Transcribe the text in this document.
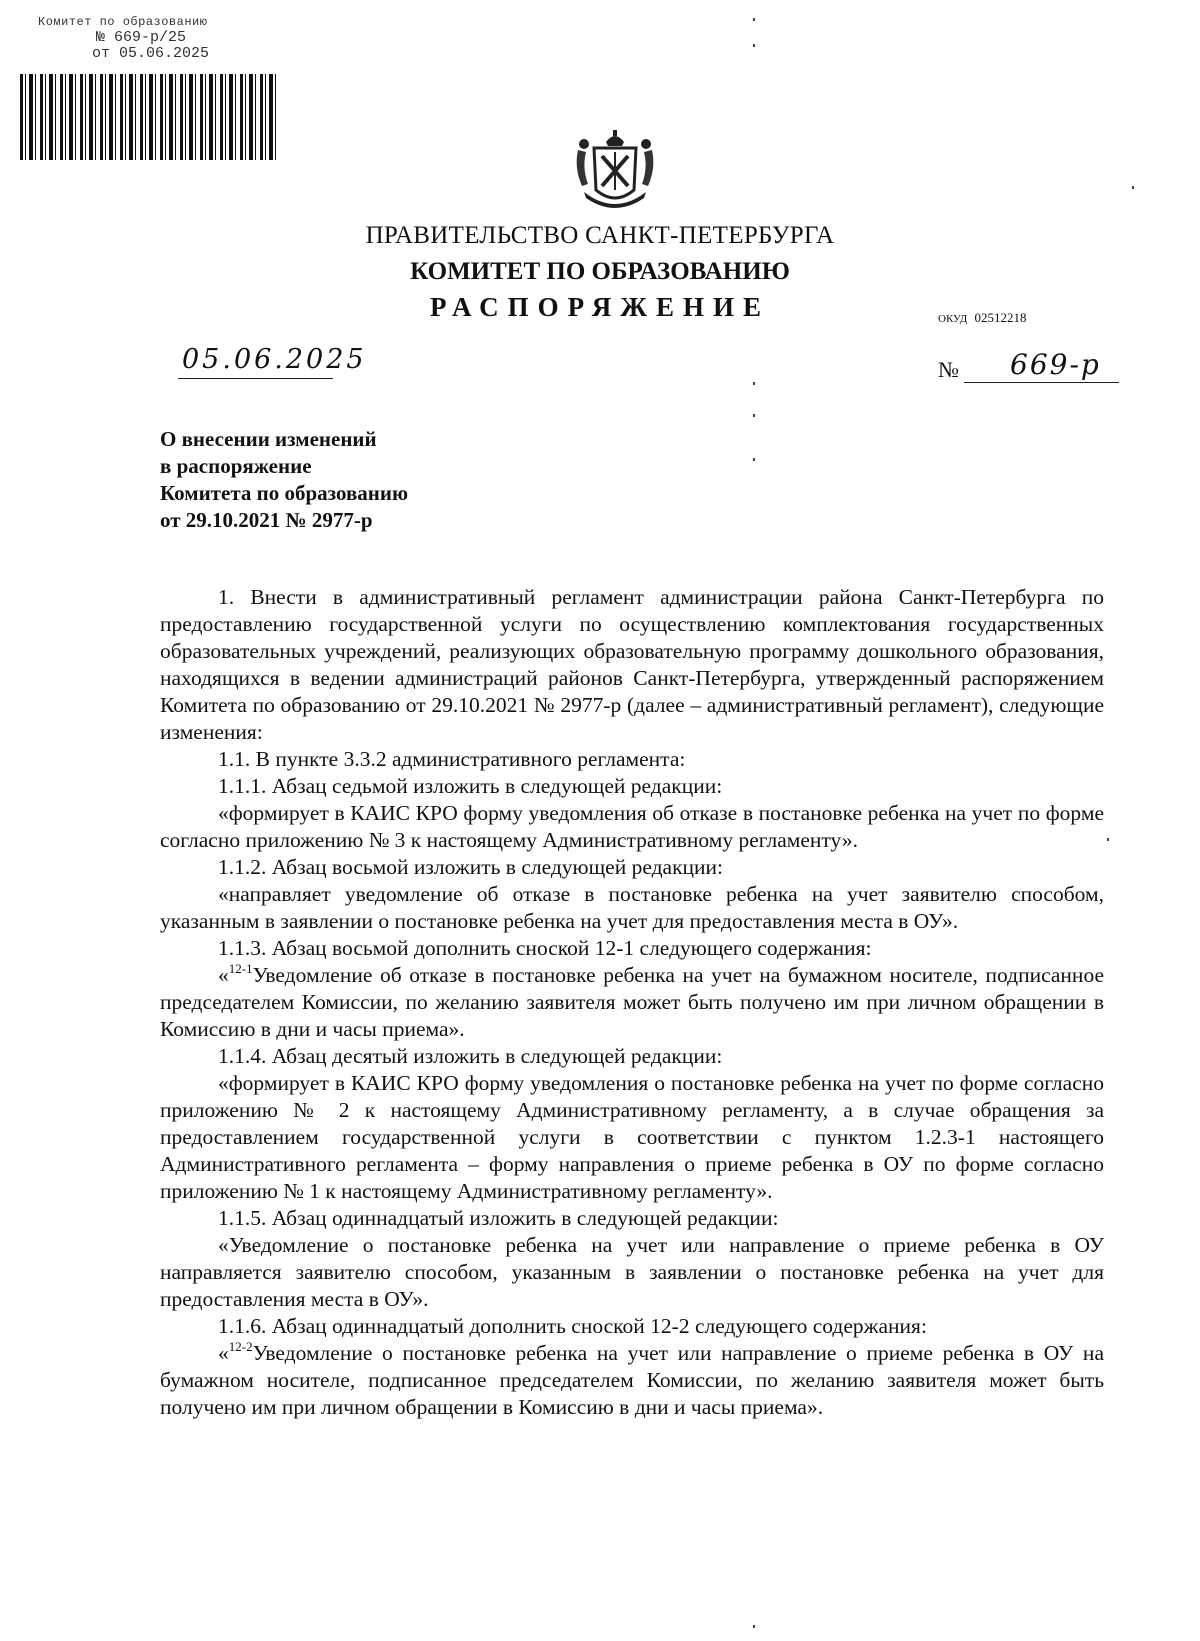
Комитет по образованию
№ 669-р/25
от 05.06.2025
ПРАВИТЕЛЬСТВО САНКТ-ПЕТЕРБУРГА
КОМИТЕТ ПО ОБРАЗОВАНИЮ
РАСПОРЯЖЕНИЕ	ОКУД 02512218
05.06.2025	№ 669-р
О внесении изменений
в распоряжение
Комитета по образованию
от 29.10.2021 № 2977-р

1. Внести в административный регламент администрации района Санкт-Петербурга по предоставлению государственной услуги по осуществлению комплектования государственных образовательных учреждений, реализующих образовательную программу дошкольного образования, находящихся в ведении администраций районов Санкт-Петербурга, утвержденный распоряжением Комитета по образованию от 29.10.2021 № 2977-р (далее – административный регламент), следующие изменения:

1.1. В пункте 3.3.2 административного регламента:

1.1.1. Абзац седьмой изложить в следующей редакции:

«формирует в КАИС КРО форму уведомления об отказе в постановке ребенка на учет по форме согласно приложению № 3 к настоящему Административному регламенту».

1.1.2. Абзац восьмой изложить в следующей редакции:

«направляет уведомление об отказе в постановке ребенка на учет заявителю способом, указанным в заявлении о постановке ребенка на учет для предоставления места в ОУ».

1.1.3. Абзац восьмой дополнить сноской 12-1 следующего содержания:

«$^{12-1}$Уведомление об отказе в постановке ребенка на учет на бумажном носителе, подписанное председателем Комиссии, по желанию заявителя может быть получено им при личном обращении в Комиссию в дни и часы приема».

1.1.4. Абзац десятый изложить в следующей редакции:

«формирует в КАИС КРО форму уведомления о постановке ребенка на учет по форме согласно приложению № 2 к настоящему Административному регламенту, а в случае обращения за предоставлением государственной услуги в соответствии с пунктом 1.2.3-1 настоящего Административного регламента – форму направления о приеме ребенка в ОУ по форме согласно приложению № 1 к настоящему Административному регламенту».

1.1.5. Абзац одиннадцатый изложить в следующей редакции:

«Уведомление о постановке ребенка на учет или направление о приеме ребенка в ОУ направляется заявителю способом, указанным в заявлении о постановке ребенка на учет для предоставления места в ОУ».

1.1.6. Абзац одиннадцатый дополнить сноской 12-2 следующего содержания:

«$^{12-2}$Уведомление о постановке ребенка на учет или направление о приеме ребенка в ОУ на бумажном носителе, подписанное председателем Комиссии, по желанию заявителя может быть получено им при личном обращении в Комиссию в дни и часы приема».
